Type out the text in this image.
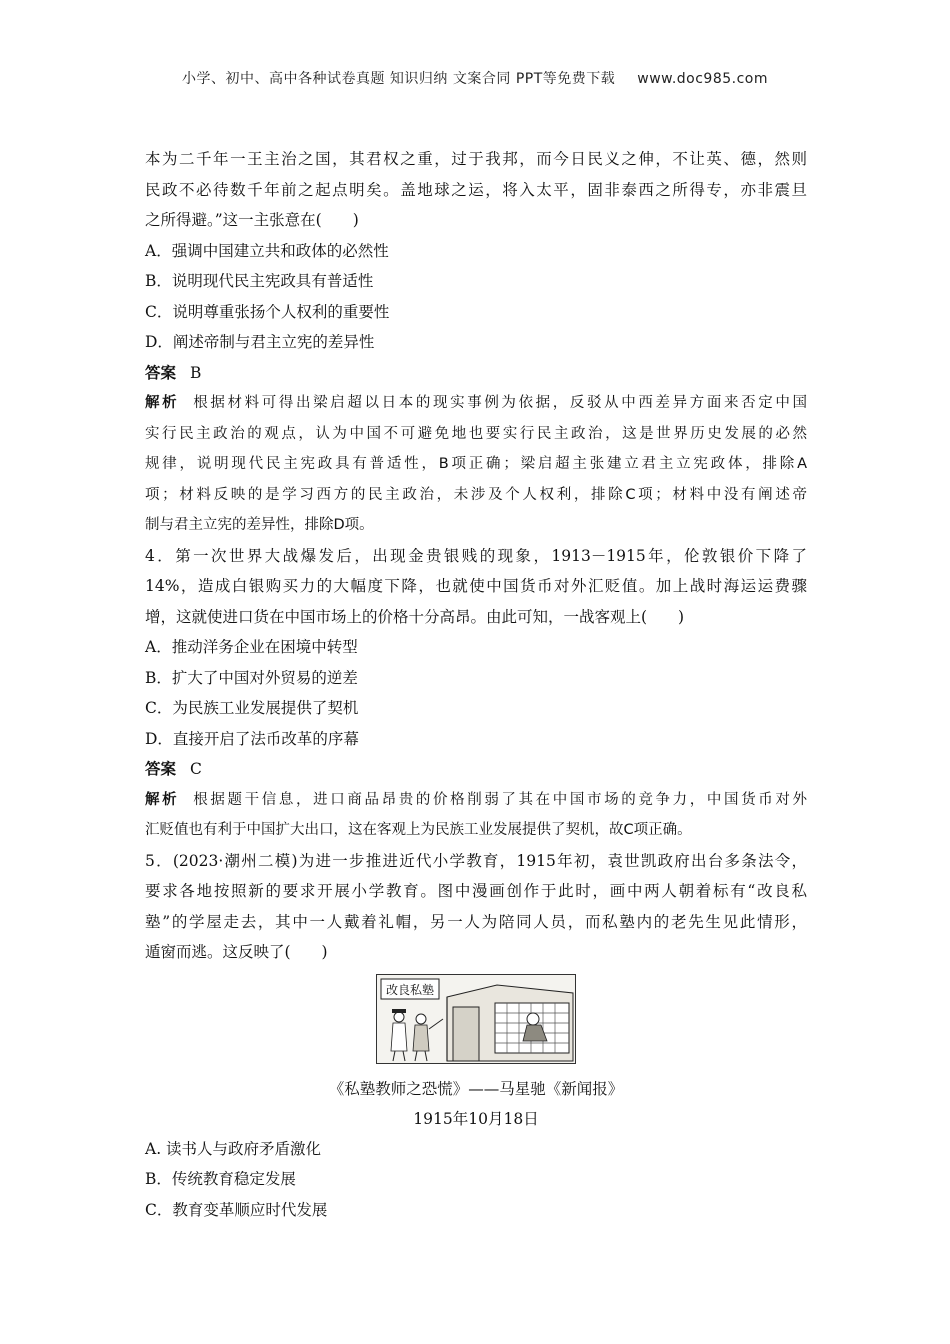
小学、初中、高中各种试卷真题 知识归纳 文案合同 PPT等免费下载 www.doc985.com
本为二千年一王主治之国，其君权之重，过于我邦，而今日民义之伸，不让英、德，然则
民政不必待数千年前之起点明矣。盖地球之运，将入太平，固非泰西之所得专，亦非震旦
之所得避。”这一主张意在(　　)
A．强调中国建立共和政体的必然性
B．说明现代民主宪政具有普适性
C．说明尊重张扬个人权利的重要性
D．阐述帝制与君主立宪的差异性
答案 B
解析 根据材料可得出梁启超以日本的现实事例为依据，反驳从中西差异方面来否定中国
实行民主政治的观点，认为中国不可避免地也要实行民主政治，这是世界历史发展的必然
规律，说明现代民主宪政具有普适性，B项正确；梁启超主张建立君主立宪政体，排除A
项；材料反映的是学习西方的民主政治，未涉及个人权利，排除C项；材料中没有阐述帝
制与君主立宪的差异性，排除D项。
4．第一次世界大战爆发后，出现金贵银贱的现象，1913－1915年，伦敦银价下降了
14%，造成白银购买力的大幅度下降，也就使中国货币对外汇贬值。加上战时海运运费骤
增，这就使进口货在中国市场上的价格十分高昂。由此可知，一战客观上(　　)
A．推动洋务企业在困境中转型
B．扩大了中国对外贸易的逆差
C．为民族工业发展提供了契机
D．直接开启了法币改革的序幕
答案 C
解析 根据题干信息，进口商品昂贵的价格削弱了其在中国市场的竞争力，中国货币对外
汇贬值也有利于中国扩大出口，这在客观上为民族工业发展提供了契机，故C项正确。
5．(2023·潮州二模)为进一步推进近代小学教育，1915年初，袁世凯政府出台多条法令，
要求各地按照新的要求开展小学教育。图中漫画创作于此时，画中两人朝着标有“改良私
塾”的学屋走去，其中一人戴着礼帽，另一人为陪同人员，而私塾内的老先生见此情形，
遁窗而逃。这反映了(　　)
改良私塾
《私塾教师之恐慌》——马星驰《新闻报》
1915年10月18日
A. 读书人与政府矛盾激化
B．传统教育稳定发展
C．教育变革顺应时代发展
